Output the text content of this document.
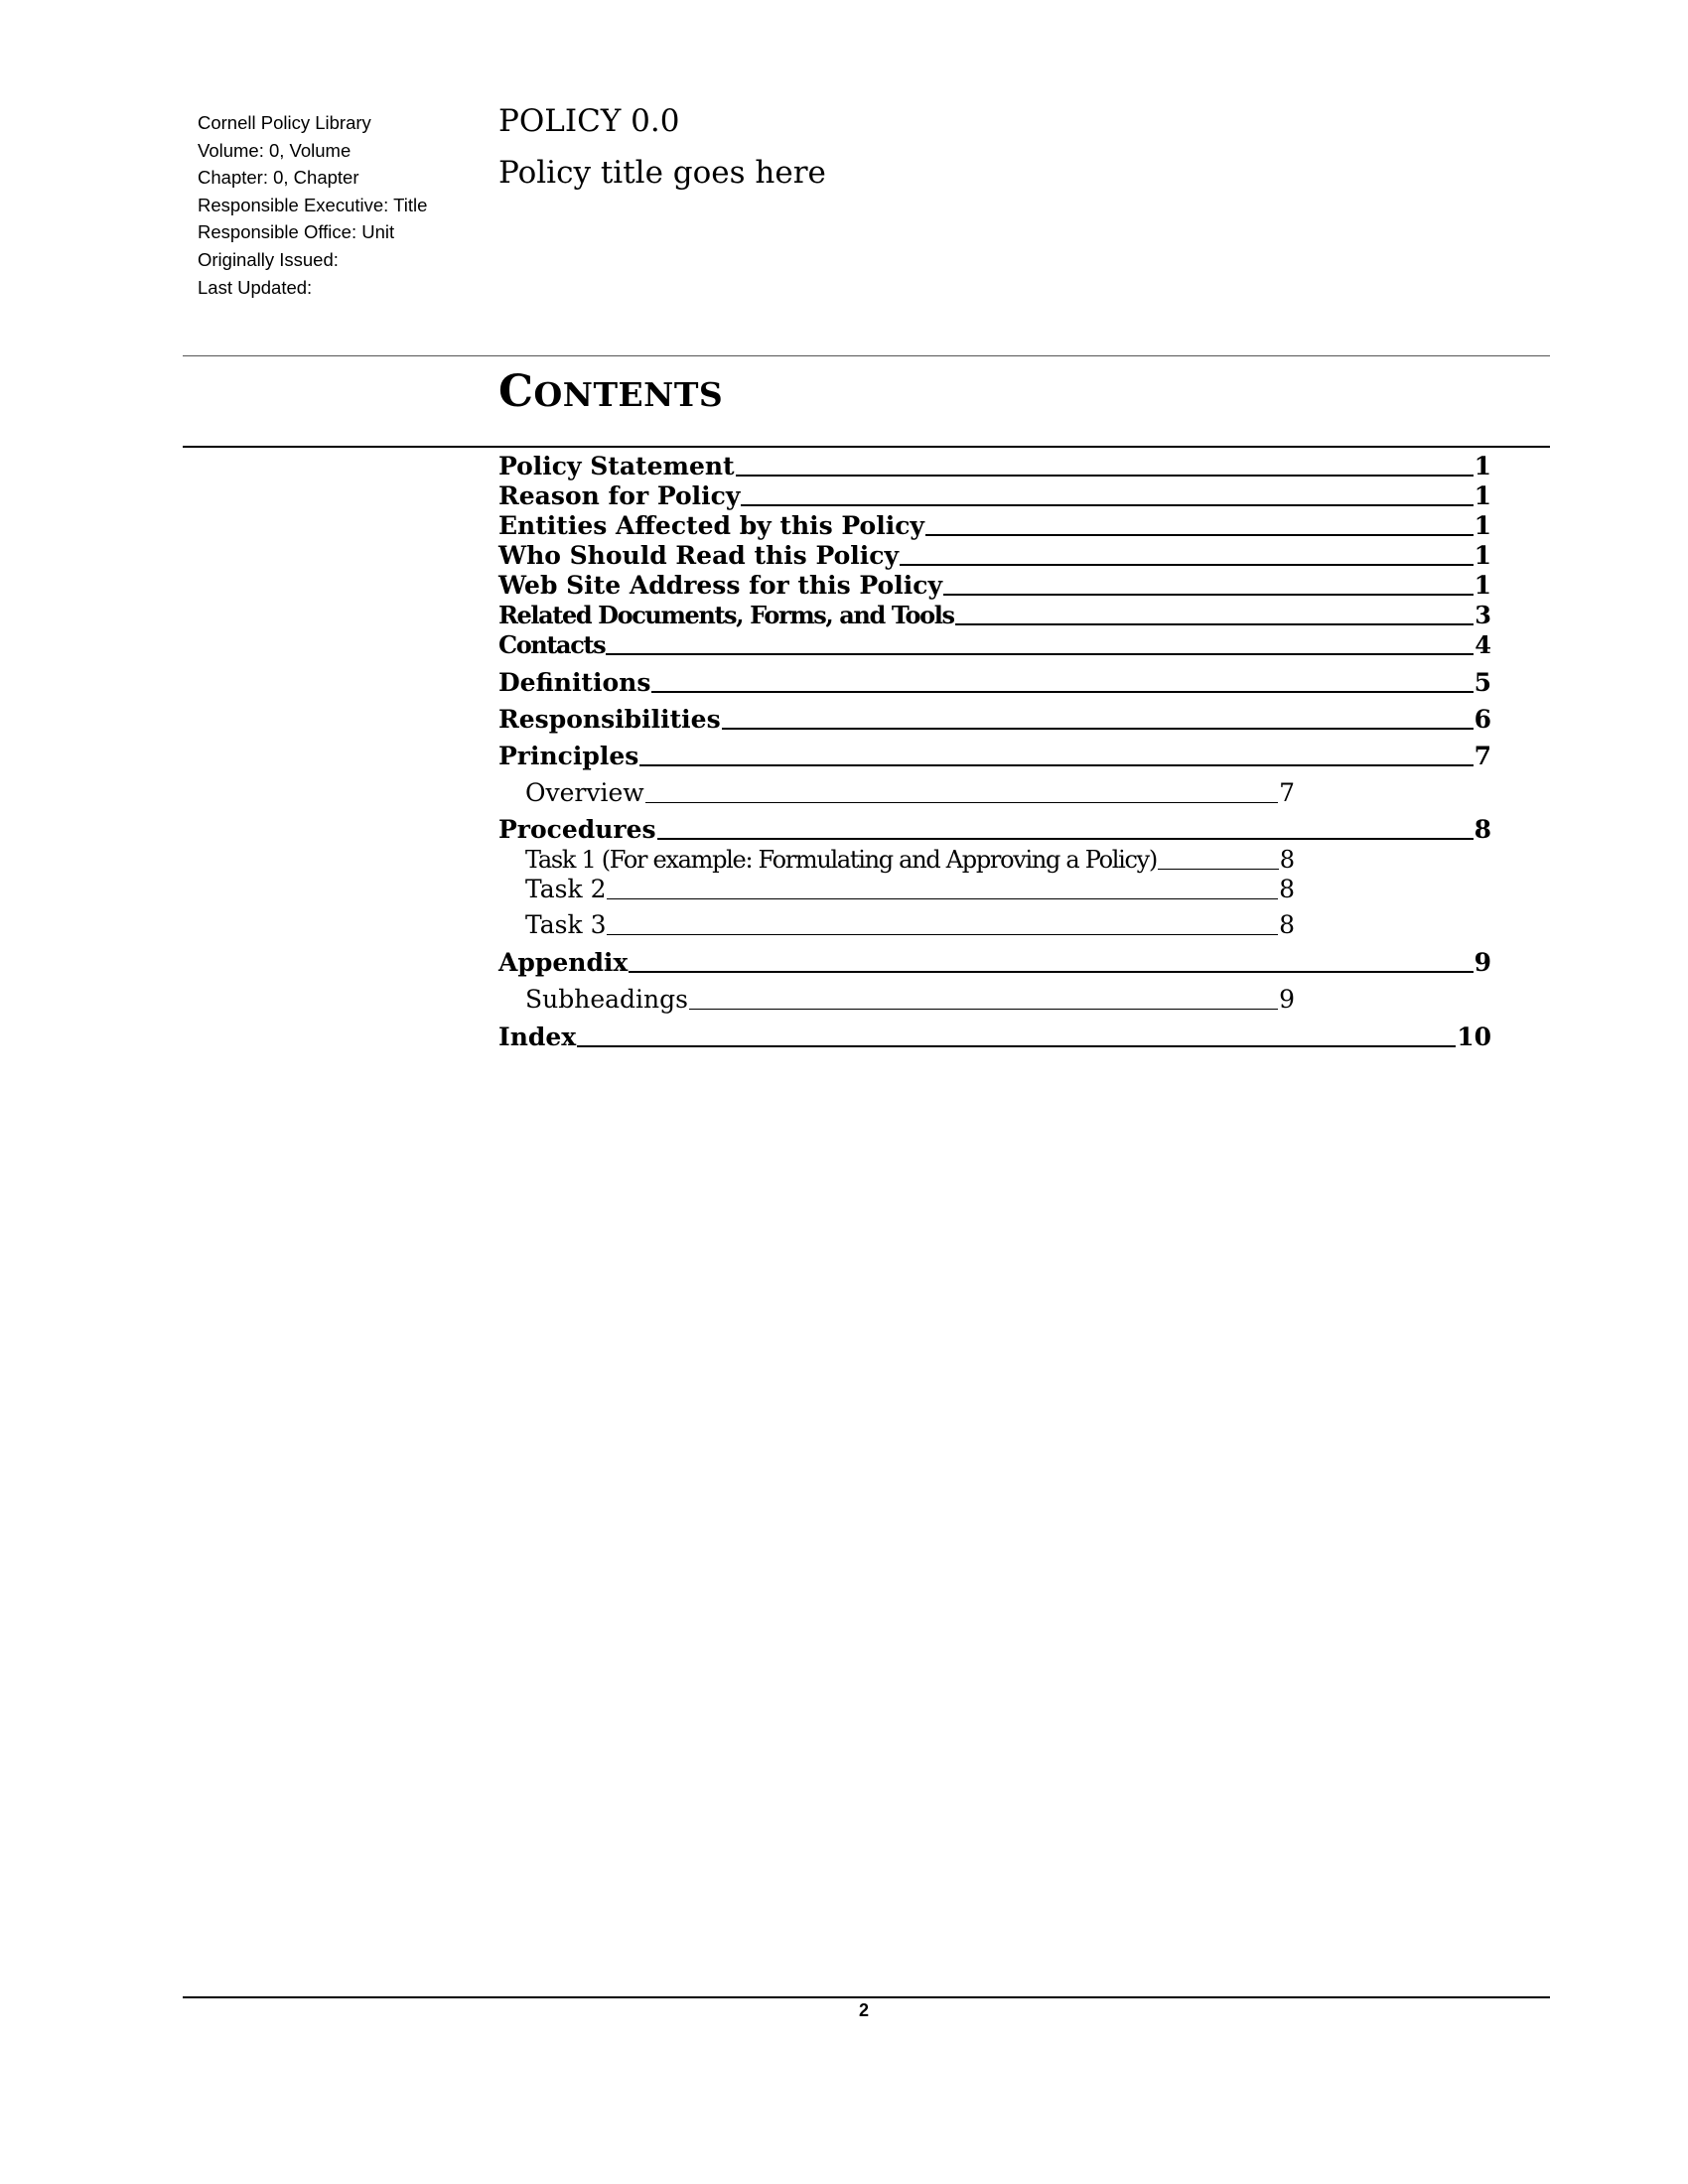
Cornell Policy Library
Volume: 0, Volume
Chapter: 0, Chapter
Responsible Executive: Title
Responsible Office: Unit
Originally Issued:
Last Updated:
POLICY 0.0
Policy title goes here
CONTENTS
Policy Statement	1
Reason for Policy	1
Entities Affected by this Policy	1
Who Should Read this Policy	1
Web Site Address for this Policy	1
Related Documents, Forms, and Tools	3
Contacts	4
Definitions	5
Responsibilities	6
Principles	7
Overview	7
Procedures	8
Task 1 (For example: Formulating and Approving a Policy)	8
Task 2	8
Task 3	8
Appendix	9
Subheadings	9
Index	10
2
